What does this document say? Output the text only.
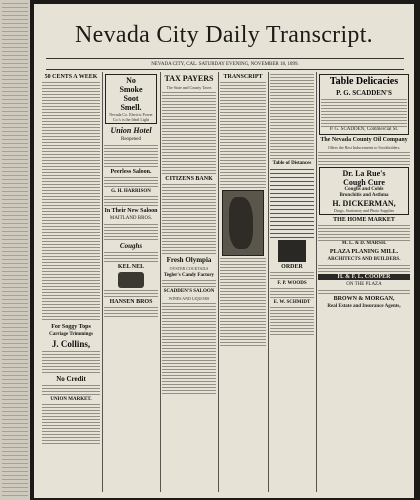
Nevada City Daily Transcript.
NEVADA CITY, CAL. SATURDAY EVENING, NOVEMBER 18, 1899.
50 CENTS A WEEK
For Soggy Tops
Carriage Trimmings
J. Collins,
No Credit
UNION MARKET.
No
Smoke
Soot
Smell.
Nevada Co. Electric Power Co.'s is the Ideal Light
Union Hotel
Reopened
Peerless Saloon.
G. H. HARRISON
In Their New Saloon
MAITLAND BROS.
Coughs
KEL NEL
HANSEN BROS
TAX PAYERS
The State and County Taxes
CITIZENS BANK
Fresh Olympia
OYSTER COCKTAILS
Tegler's Candy Factory
SCADDEN'S SALOON
WINES AND LIQUORS
TRANSCRIPT
Table of Distances
ORDER
F. P. WOODS
E. W. SCHMIDT
Table Delicacies
P. G. SCADDEN'S
P. G. SCADDEN, Commercial St.
The Nevada County Oil Company
Offers the Best Inducements to Stockholders.
Dr. La Rue's
Cough Cure
Coughs and Colds
Bronchitis and Asthma
H. DICKERMAN,
Drugs, Stationery and Photo Supplies
THE HOME MARKET
M. L. & D. MARSH.
PLAZA PLANING MILL.
ARCHITECTS AND BUILDERS.
H. & F. L. COOPER
ON THE PLAZA
BROWN & MORGAN,
Real Estate and Insurance Agents,
